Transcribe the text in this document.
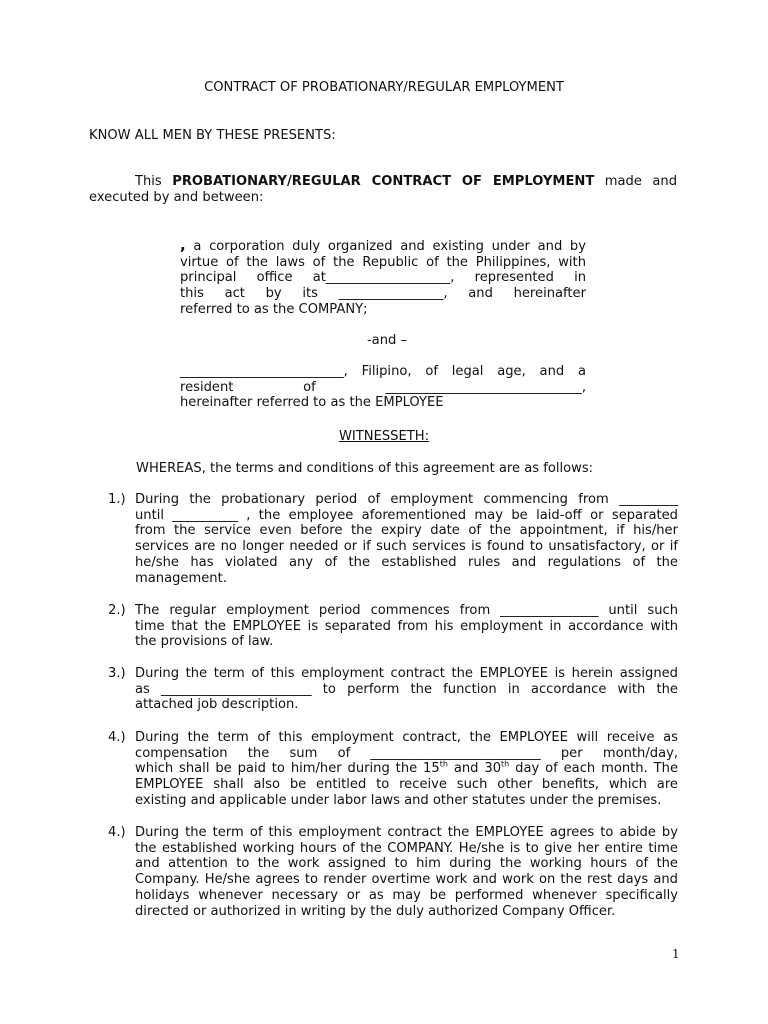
CONTRACT OF PROBATIONARY/REGULAR EMPLOYMENT
KNOW ALL MEN BY THESE PRESENTS:
This PROBATIONARY/REGULAR CONTRACT OF EMPLOYMENT made and
executed by and between:
, a corporation duly organized and existing under and by
virtue of the laws of the Republic of the Philippines, with
principal office at___________________, represented in
this act by its ________________, and hereinafter
referred to as the COMPANY;
-and –
_________________________, Filipino, of legal age, and a
resident of ______________________________,
hereinafter referred to as the EMPLOYEE
WITNESSETH:
WHEREAS, the terms and conditions of this agreement are as follows:
1.) During the probationary period of employment commencing from _________
until __________ , the employee aforementioned may be laid-off or separated
from the service even before the expiry date of the appointment, if his/her
services are no longer needed or if such services is found to unsatisfactory, or if
he/she has violated any of the established rules and regulations of the
management.
2.) The regular employment period commences from _______________ until such
time that the EMPLOYEE is separated from his employment in accordance with
the provisions of law.
3.) During the term of this employment contract the EMPLOYEE is herein assigned
as _______________________ to perform the function in accordance with the
attached job description.
4.) During the term of this employment contract, the EMPLOYEE will receive as
compensation the sum of __________________________ per month/day,
which shall be paid to him/her during the 15th and 30th day of each month. The
EMPLOYEE shall also be entitled to receive such other benefits, which are
existing and applicable under labor laws and other statutes under the premises.
4.) During the term of this employment contract the EMPLOYEE agrees to abide by
the established working hours of the COMPANY. He/she is to give her entire time
and attention to the work assigned to him during the working hours of the
Company. He/she agrees to render overtime work and work on the rest days and
holidays whenever necessary or as may be performed whenever specifically
directed or authorized in writing by the duly authorized Company Officer.
1
